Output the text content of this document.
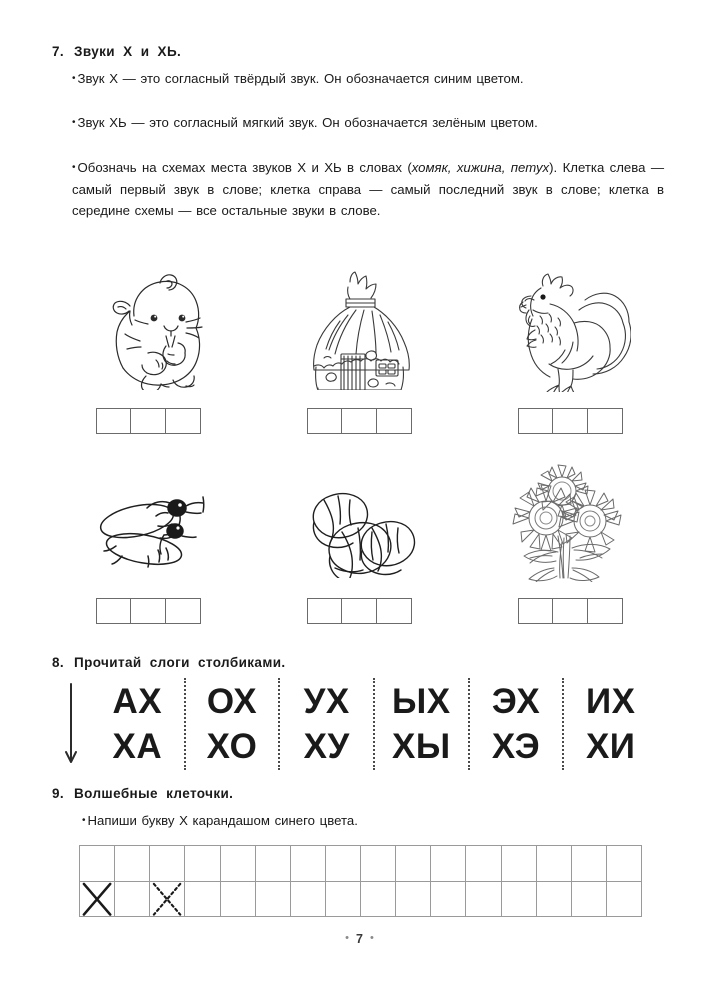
7. Звуки Х и ХЬ.
• Звук Х — это согласный твёрдый звук. Он обозначается синим цветом.
• Звук ХЬ — это согласный мягкий звук. Он обозначается зелёным цветом.
• Обозначь на схемах места звуков Х и ХЬ в словах (хомяк, хижина, петух). Клетка слева — самый первый звук в слове; клетка справа — самый последний звук в слове; клетка в середине схемы — все остальные звуки в слове.
8. Прочитай слоги столбиками.
АХ
ХА
ОХ
ХО
УХ
ХУ
ЫХ
ХЫ
ЭХ
ХЭ
ИХ
ХИ
9. Волшебные клеточки.
• Напиши букву Х карандашом синего цвета.
• 7 •
